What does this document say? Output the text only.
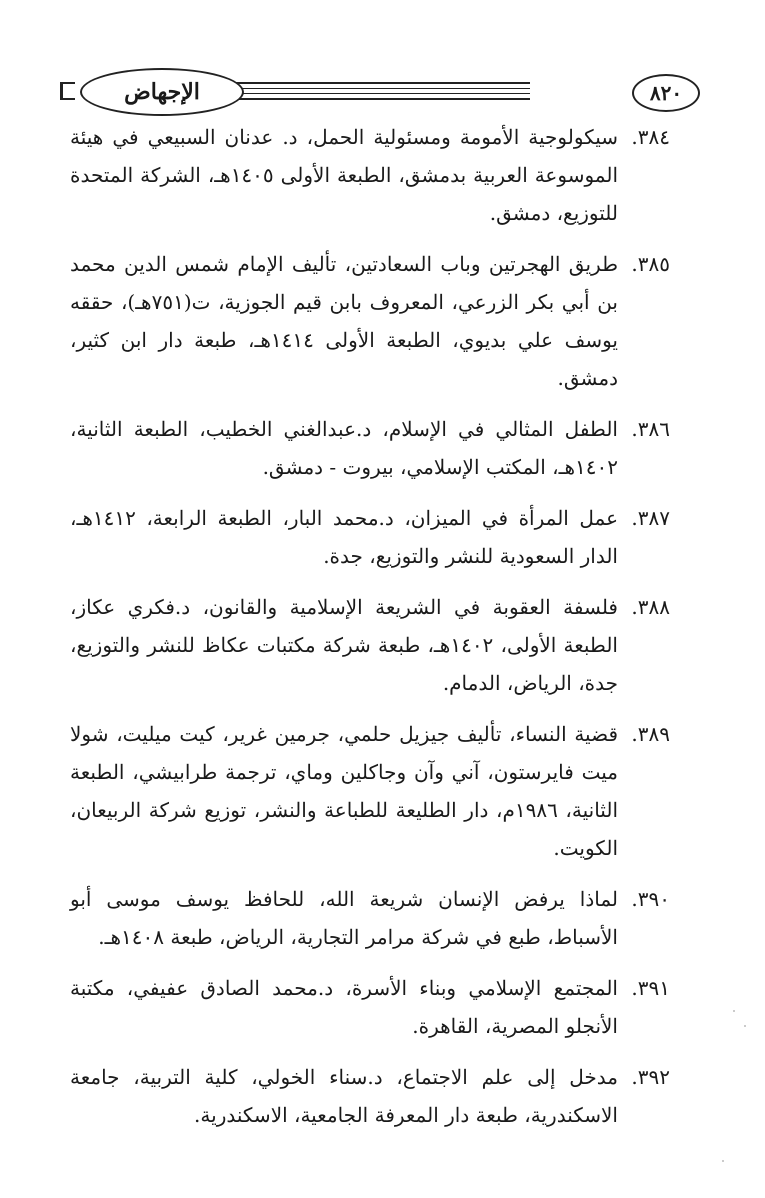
الإجهاض	٨٢٠
٣٨٤.
سيكولوجية الأمومة ومسئولية الحمل، د. عدنان السبيعي في هيئة الموسوعة العربية بدمشق، الطبعة الأولى ١٤٠٥هـ، الشركة المتحدة للتوزيع، دمشق.
٣٨٥.
طريق الهجرتين وباب السعادتين، تأليف الإمام شمس الدين محمد بن أبي بكر الزرعي، المعروف بابن قيم الجوزية، ت(٧٥١هـ)، حققه يوسف علي بديوي، الطبعة الأولى ١٤١٤هـ، طبعة دار ابن كثير، دمشق.
٣٨٦.
الطفل المثالي في الإسلام، د.عبدالغني الخطيب، الطبعة الثانية، ١٤٠٢هـ، المكتب الإسلامي، بيروت - دمشق.
٣٨٧.
عمل المرأة في الميزان، د.محمد البار، الطبعة الرابعة، ١٤١٢هـ، الدار السعودية للنشر والتوزيع، جدة.
٣٨٨.
فلسفة العقوبة في الشريعة الإسلامية والقانون، د.فكري عكاز، الطبعة الأولى، ١٤٠٢هـ، طبعة شركة مكتبات عكاظ للنشر والتوزيع، جدة، الرياض، الدمام.
٣٨٩.
قضية النساء، تأليف جيزيل حلمي، جرمين غرير، كيت ميليت، شولا ميت فايرستون، آني وآن وجاكلين وماي، ترجمة طرابيشي، الطبعة الثانية، ١٩٨٦م، دار الطليعة للطباعة والنشر، توزيع شركة الربيعان، الكويت.
٣٩٠.
لماذا يرفض الإنسان شريعة الله، للحافظ يوسف موسى أبو الأسباط، طبع في شركة مرامر التجارية، الرياض، طبعة ١٤٠٨هـ.
٣٩١.
المجتمع الإسلامي وبناء الأسرة، د.محمد الصادق عفيفي، مكتبة الأنجلو المصرية، القاهرة.
٣٩٢.
مدخل إلى علم الاجتماع، د.سناء الخولي، كلية التربية، جامعة الاسكندرية، طبعة دار المعرفة الجامعية، الاسكندرية.
